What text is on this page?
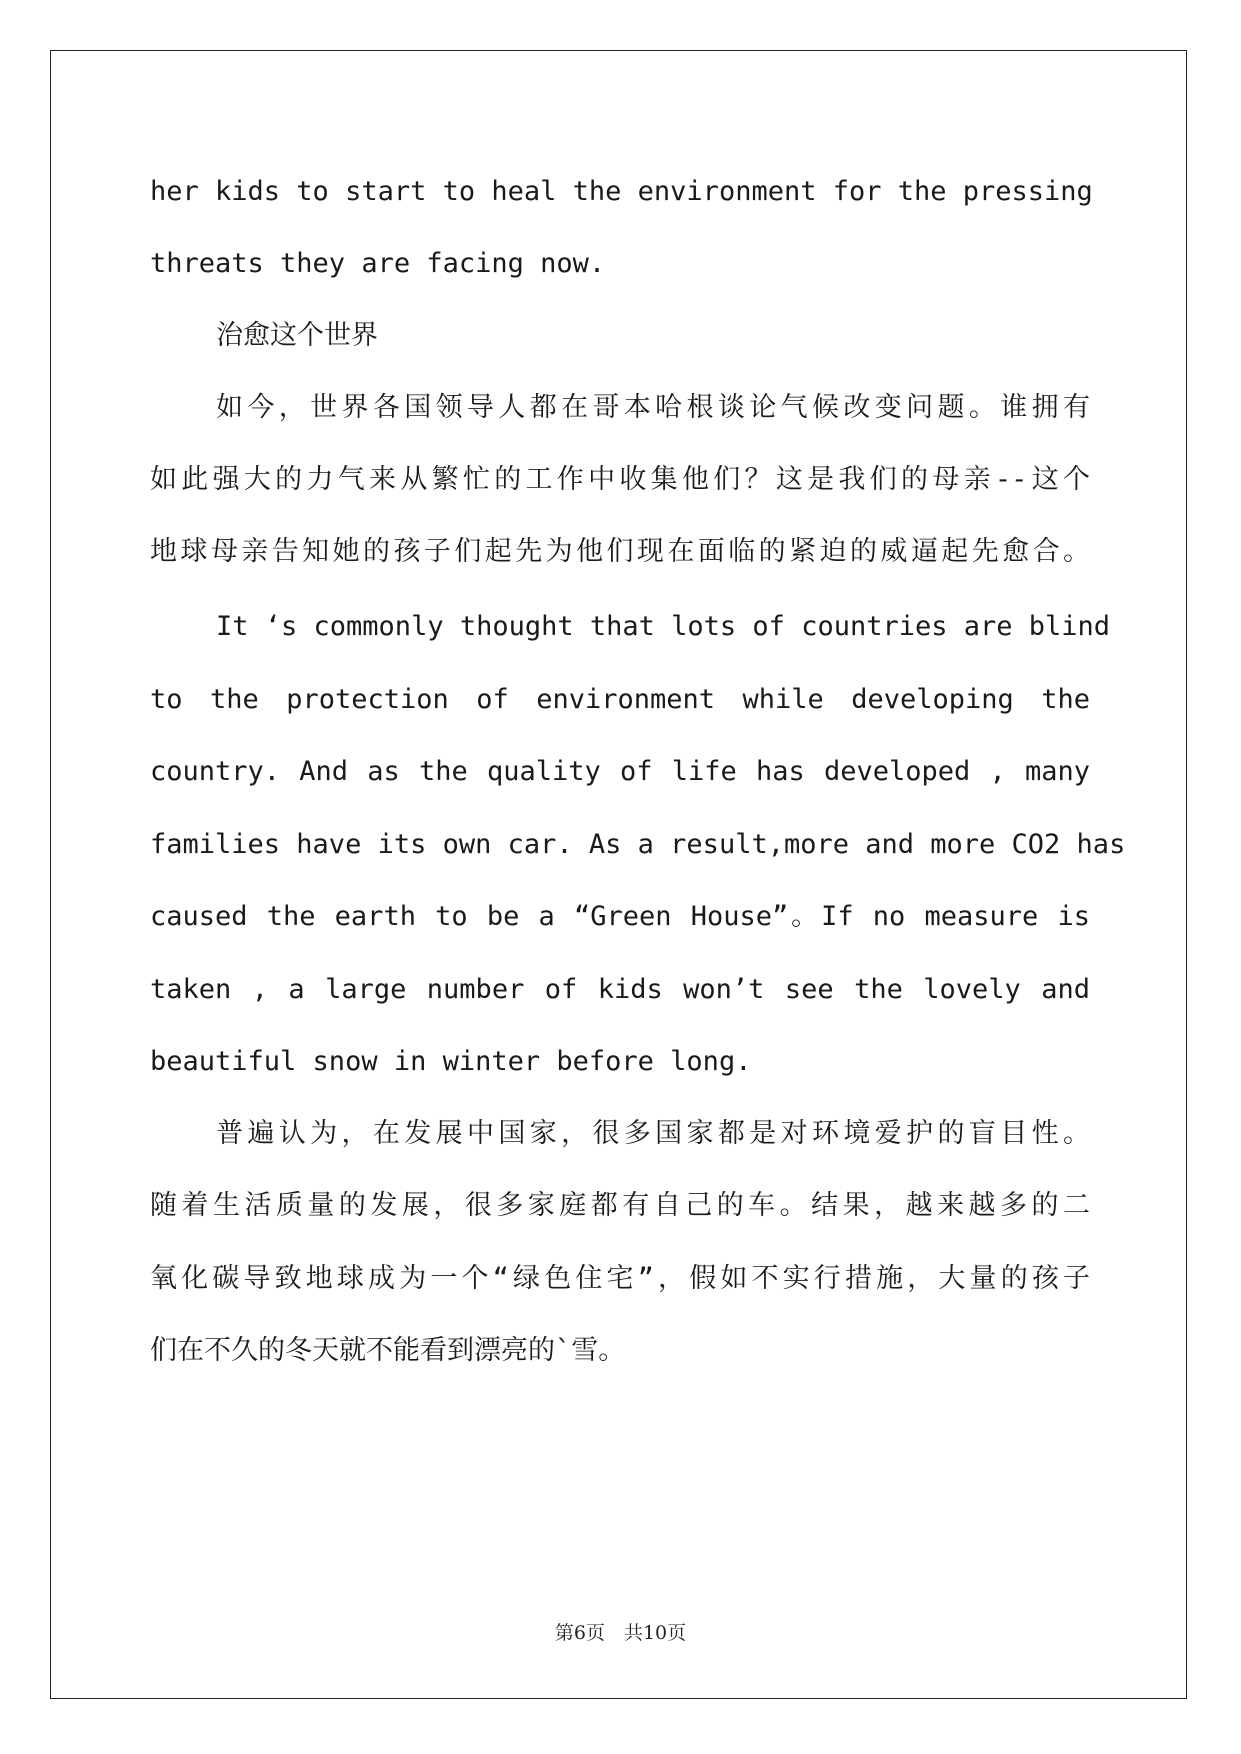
her kids to start to heal the environment for the pressing
threats they are facing now.
治愈这个世界
如今，世界各国领导人都在哥本哈根谈论气候改变问题。谁拥有
如此强大的力气来从繁忙的工作中收集他们？这是我们的母亲--这个
地球母亲告知她的孩子们起先为他们现在面临的紧迫的威逼起先愈合。
It ‘s commonly thought that lots of countries are blind
to the protection of environment while developing the
country. And as the quality of life has developed , many
families have its own car. As a result,more and more CO2 has
caused the earth to be a “Green House”。If no measure is
taken , a large number of kids won’t see the lovely and
beautiful snow in winter before long.
普遍认为，在发展中国家，很多国家都是对环境爱护的盲目性。
随着生活质量的发展，很多家庭都有自己的车。结果，越来越多的二
氧化碳导致地球成为一个“绿色住宅”，假如不实行措施，大量的孩子
们在不久的冬天就不能看到漂亮的`雪。
第6页　共10页
